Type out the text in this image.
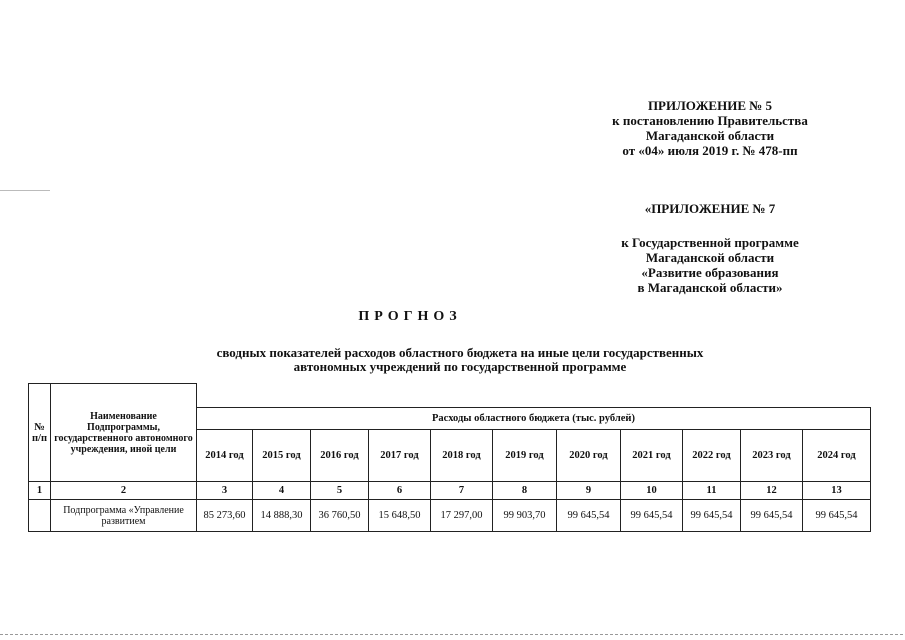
ПРИЛОЖЕНИЕ № 5
к постановлению Правительства
Магаданской области
от «04» июля 2019 г. № 478-пп
«ПРИЛОЖЕНИЕ № 7
к Государственной программе
Магаданской области
«Развитие образования
в Магаданской области»
ПРОГНОЗ
сводных показателей расходов областного бюджета на иные цели государственных
автономных учреждений по государственной программе
№ п/п	Наименование Подпрограммы, государственного автономного учреждения, иной цели											
		Расходы областного бюджета (тыс. рублей)										
		2014 год	2015 год	2016 год	2017 год	2018 год	2019 год	2020 год	2021 год	2022 год	2023 год	2024 год
1	2	3	4	5	6	7	8	9	10	11	12	13
	Подпрограмма «Управление развитием	85 273,60	14 888,30	36 760,50	15 648,50	17 297,00	99 903,70	99 645,54	99 645,54	99 645,54	99 645,54	99 645,54
